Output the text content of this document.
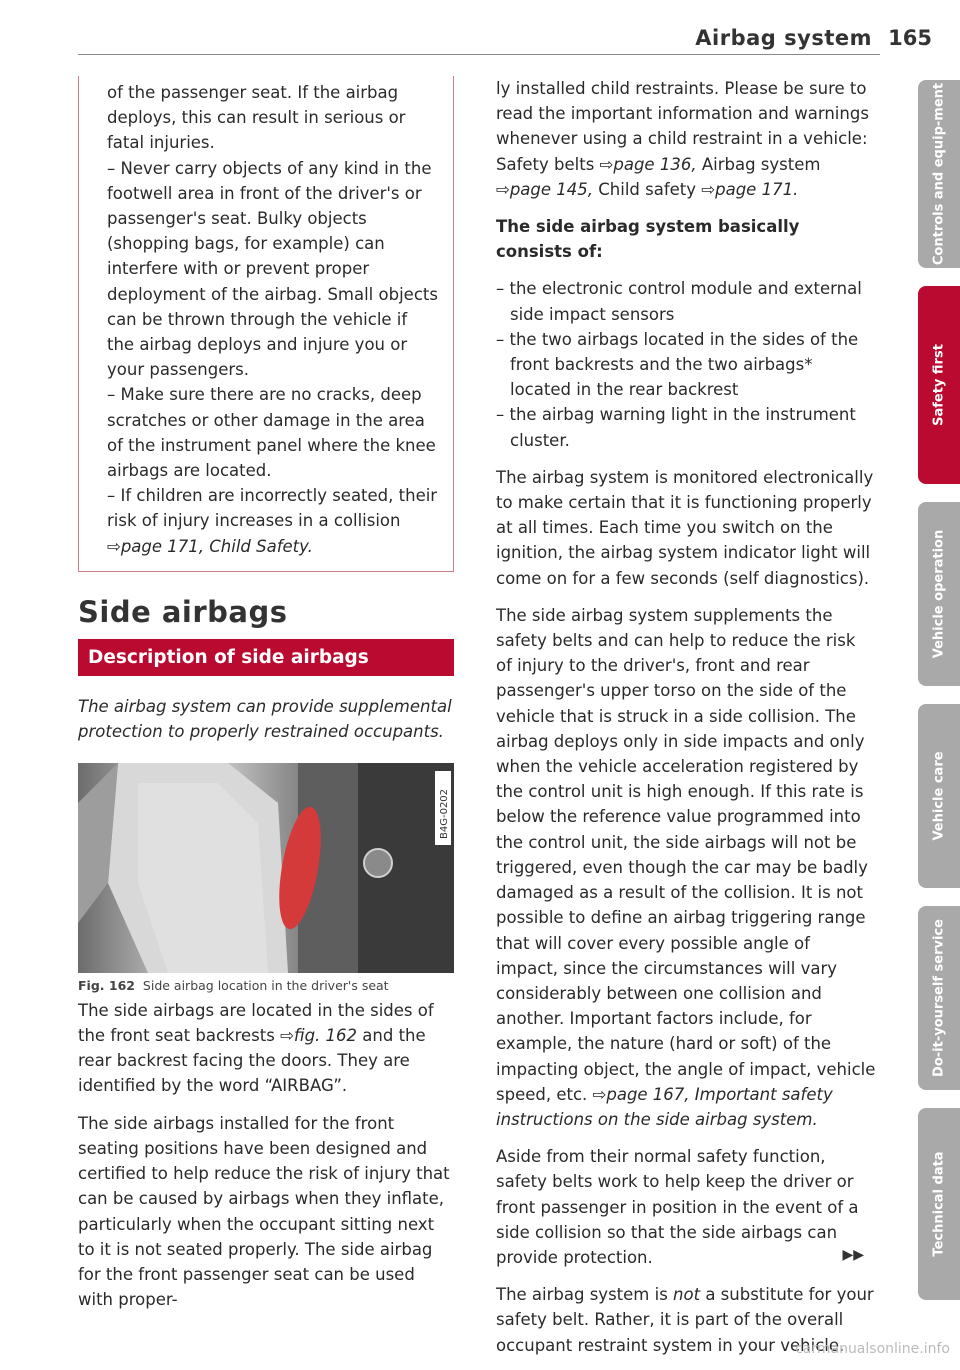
Airbag system 165

of the passenger seat. If the airbag deploys, this can result in serious or fatal injuries.

– Never carry objects of any kind in the footwell area in front of the driver's or passenger's seat. Bulky objects (shopping bags, for example) can interfere with or prevent proper deployment of the airbag. Small objects can be thrown through the vehicle if the airbag deploys and injure you or your passengers.

– Make sure there are no cracks, deep scratches or other damage in the area of the instrument panel where the knee airbags are located.

– If children are incorrectly seated, their risk of injury increases in a collision

⇨page 171, Child Safety.

Side airbags
Description of side airbags

The airbag system can provide supplemental protection to properly restrained occupants.

B4G-0202

Fig. 162 Side airbag location in the driver's seat

The side airbags are located in the sides of the front seat backrests ⇨fig. 162 and the rear backrest facing the doors. They are identified by the word “AIRBAG”.

The side airbags installed for the front seating positions have been designed and certified to help reduce the risk of injury that can be caused by airbags when they inflate, particularly when the occupant sitting next to it is not seated properly. The side airbag for the front passenger seat can be used with proper-

ly installed child restraints. Please be sure to read the important information and warnings whenever using a child restraint in a vehicle: Safety belts ⇨page 136, Airbag system ⇨page 145, Child safety ⇨page 171.

The side airbag system basically consists of:

– the electronic control module and external side impact sensors

– the two airbags located in the sides of the front backrests and the two airbags* located in the rear backrest

– the airbag warning light in the instrument cluster.

The airbag system is monitored electronically to make certain that it is functioning properly at all times. Each time you switch on the ignition, the airbag system indicator light will come on for a few seconds (self diagnostics).

The side airbag system supplements the safety belts and can help to reduce the risk of injury to the driver's, front and rear passenger's upper torso on the side of the vehicle that is struck in a side collision. The airbag deploys only in side impacts and only when the vehicle acceleration registered by the control unit is high enough. If this rate is below the reference value programmed into the control unit, the side airbags will not be triggered, even though the car may be badly damaged as a result of the collision. It is not possible to define an airbag triggering range that will cover every possible angle of impact, since the circumstances will vary considerably between one collision and another. Important factors include, for example, the nature (hard or soft) of the impacting object, the angle of impact, vehicle speed, etc. ⇨page 167, Important safety instructions on the side airbag system.

Aside from their normal safety function, safety belts work to help keep the driver or front passenger in position in the event of a side collision so that the side airbags can provide protection.

The airbag system is not a substitute for your safety belt. Rather, it is part of the overall occupant restraint system in your vehicle.

▶▶
Controls and equip-ment
Safety first
Vehicle operation
Vehicle care
Do-it-yourself service
Technical data
carmanualsonline.info
